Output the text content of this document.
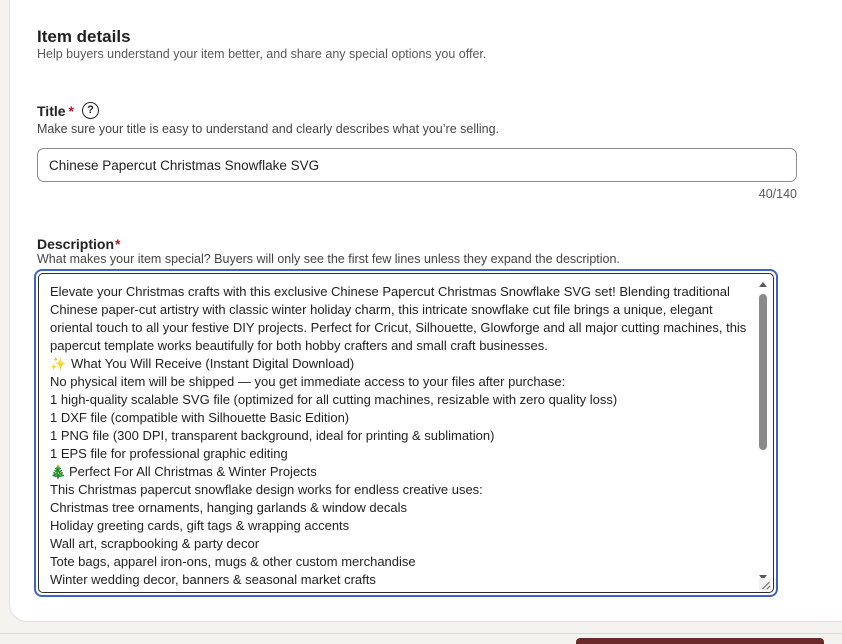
Item details
Help buyers understand your item better, and share any special options you offer.
Title *	?
Make sure your title is easy to understand and clearly describes what you’re selling.
Chinese Papercut Christmas Snowflake SVG
40/140
Description *
What makes your item special? Buyers will only see the first few lines unless they expand the description.
Elevate your Christmas crafts with this exclusive Chinese Papercut Christmas Snowflake SVG set! Blending traditional Chinese paper-cut artistry with classic winter holiday charm, this intricate snowflake cut file brings a unique, elegant oriental touch to all your festive DIY projects. Perfect for Cricut, Silhouette, Glowforge and all major cutting machines, this papercut template works beautifully for both hobby crafters and small craft businesses.
✨ What You Will Receive (Instant Digital Download)
No physical item will be shipped — you get immediate access to your files after purchase:
1 high-quality scalable SVG file (optimized for all cutting machines, resizable with zero quality loss)
1 DXF file (compatible with Silhouette Basic Edition)
1 PNG file (300 DPI, transparent background, ideal for printing & sublimation)
1 EPS file for professional graphic editing
🎄 Perfect For All Christmas & Winter Projects
This Christmas papercut snowflake design works for endless creative uses:
Christmas tree ornaments, hanging garlands & window decals
Holiday greeting cards, gift tags & wrapping accents
Wall art, scrapbooking & party decor
Tote bags, apparel iron-ons, mugs & other custom merchandise
Winter wedding decor, banners & seasonal market crafts
